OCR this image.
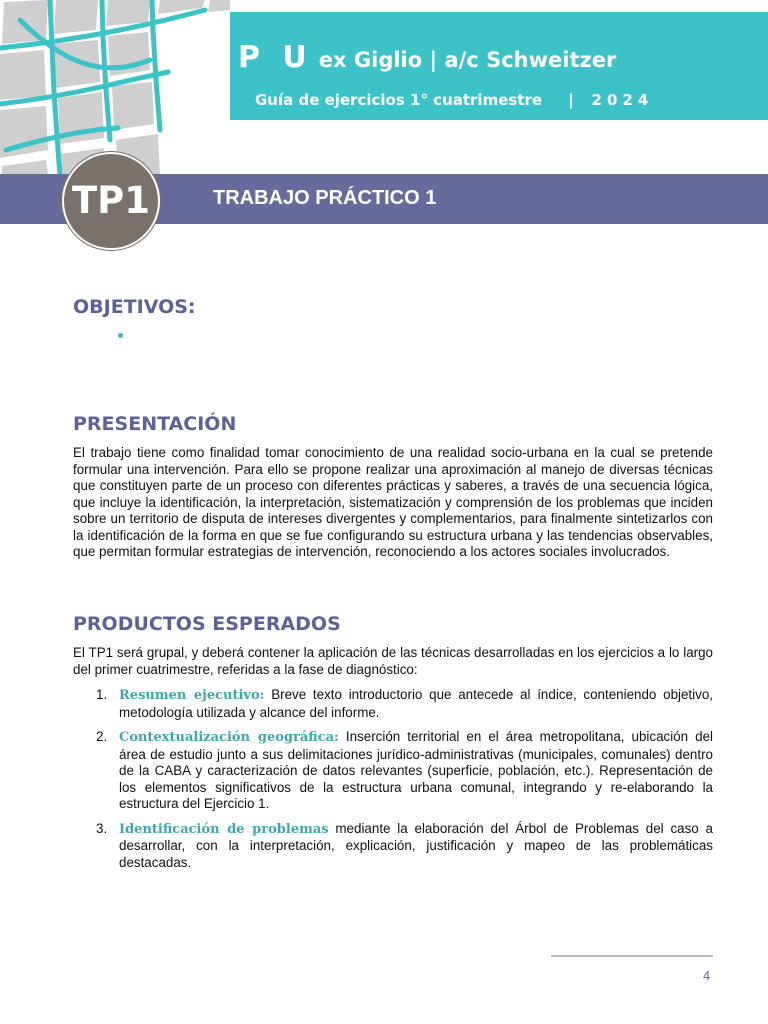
P U ex Giglio | a/c Schweitzer
Guía de ejercicios 1° cuatrimestre | 2024
TP1	TRABAJO PRÁCTICO 1
OBJETIVOS:
PRESENTACIÓN

El trabajo tiene como finalidad tomar conocimiento de una realidad socio-urbana en la cual se pretende formular una intervención. Para ello se propone realizar una aproximación al manejo de diversas técnicas que constituyen parte de un proceso con diferentes prácticas y saberes, a través de una secuencia lógica, que incluye la identificación, la interpretación, sistematización y comprensión de los problemas que inciden sobre un territorio de disputa de intereses divergentes y complementarios, para finalmente sintetizarlos con la identificación de la forma en que se fue configurando su estructura urbana y las tendencias observables, que permitan formular estrategias de intervención, reconociendo a los actores sociales involucrados.

PRODUCTOS ESPERADOS

El TP1 será grupal, y deberá contener la aplicación de las técnicas desarrolladas en los ejercicios a lo largo del primer cuatrimestre, referidas a la fase de diagnóstico:

1. Resumen ejecutivo: Breve texto introductorio que antecede al índice, conteniendo objetivo, metodología utilizada y alcance del informe.
2. Contextualización geográfica: Inserción territorial en el área metropolitana, ubicación del área de estudio junto a sus delimitaciones jurídico-administrativas (municipales, comunales) dentro de la CABA y caracterización de datos relevantes (superficie, población, etc.). Representación de los elementos significativos de la estructura urbana comunal, integrando y re-elaborando la estructura del Ejercicio 1.
3. Identificación de problemas mediante la elaboración del Árbol de Problemas del caso a desarrollar, con la interpretación, explicación, justificación y mapeo de las problemáticas destacadas.
4
